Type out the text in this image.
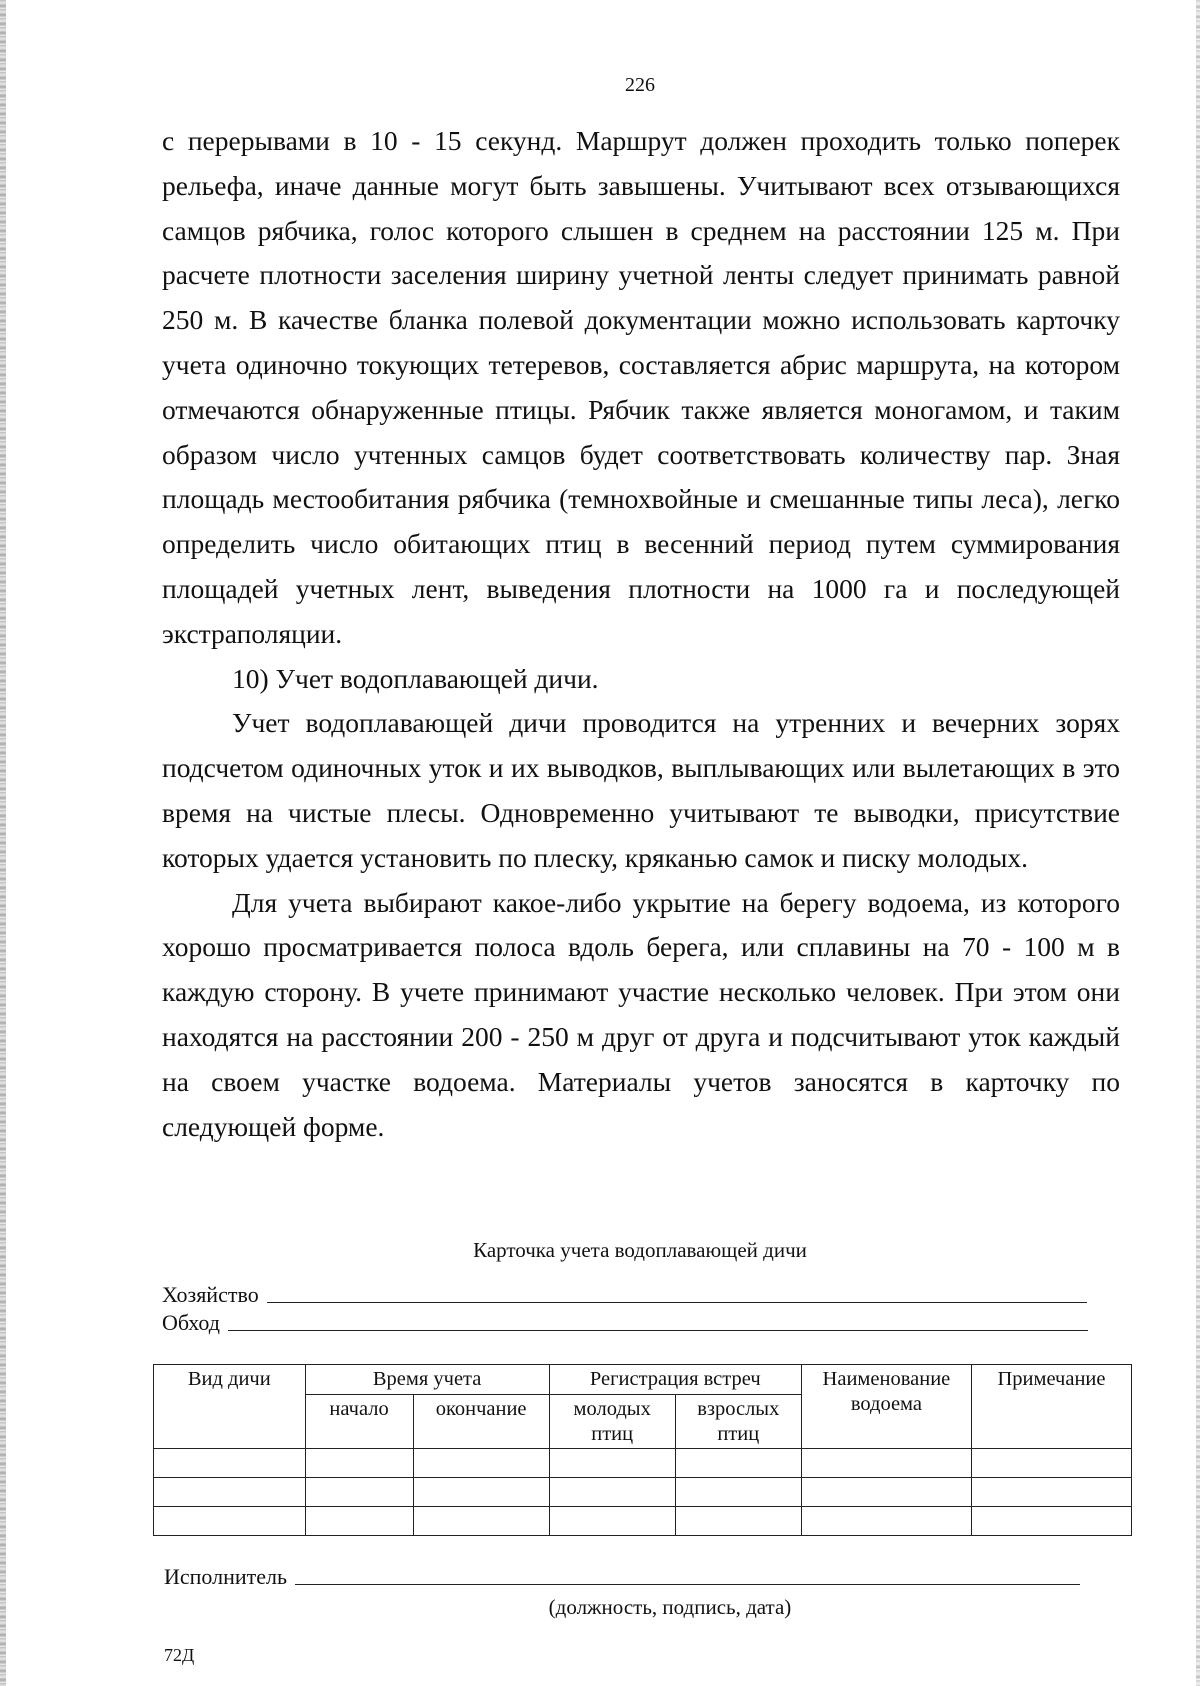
226

с перерывами в 10 - 15 секунд. Маршрут должен проходить только поперек рельефа, иначе данные могут быть завышены. Учитывают всех отзывающихся самцов рябчика, голос которого слышен в среднем на расстоянии 125 м. При расчете плотности заселения ширину учетной ленты следует принимать равной 250 м. В качестве бланка полевой документации можно использовать карточку учета одиночно токующих тетеревов, составляется абрис маршрута, на котором отмечаются обнаруженные птицы. Рябчик также является моногамом, и таким образом число учтенных самцов будет соответствовать количеству пар. Зная площадь местообитания рябчика (темнохвойные и смешанные типы леса), легко определить число обитающих птиц в весенний период путем суммирования площадей учетных лент, выведения плотности на 1000 га и последующей экстраполяции.

10) Учет водоплавающей дичи.

Учет водоплавающей дичи проводится на утренних и вечерних зорях подсчетом одиночных уток и их выводков, выплывающих или вылетающих в это время на чистые плесы. Одновременно учитывают те выводки, присутствие которых удается установить по плеску, кряканью самок и писку молодых.

Для учета выбирают какое-либо укрытие на берегу водоема, из которого хорошо просматривается полоса вдоль берега, или сплавины на 70 - 100 м в каждую сторону. В учете принимают участие несколько человек. При этом они находятся на расстоянии 200 - 250 м друг от друга и подсчитывают уток каждый на своем участке водоема. Материалы учетов заносятся в карточку по следующей форме.

Карточка учета водоплавающей дичи
Хозяйство
Обход
Вид дичи	Время учета		Регистрация встреч		Наименование водоема	Примечание
	начало	окончание	молодых птиц	взрослых птиц		

Исполнитель
(должность, подпись, дата)
72Д
